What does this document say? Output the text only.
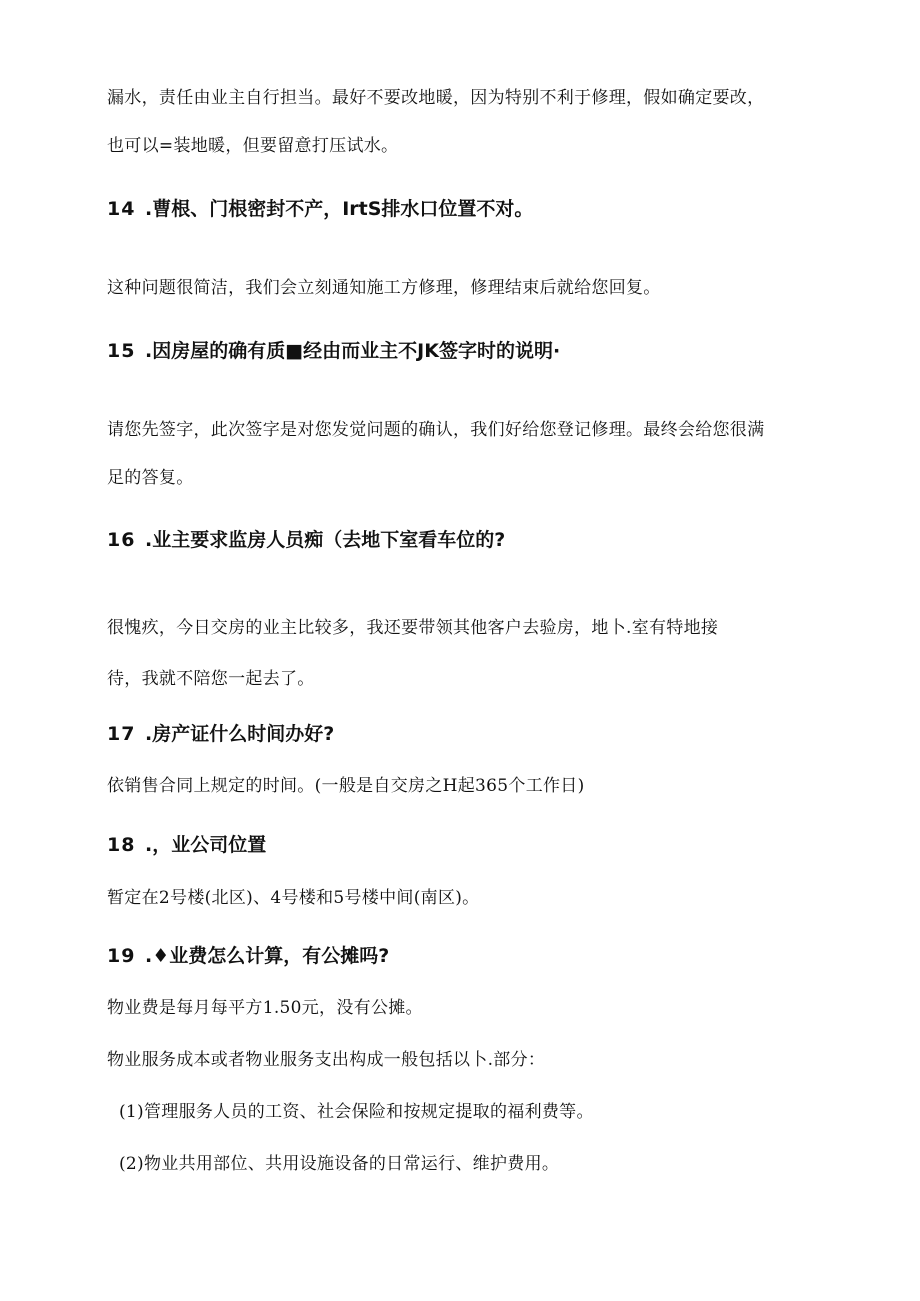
漏水，责任由业主自行担当。最好不要改地暖，因为特别不利于修理，假如确定要改，
也可以=装地暖，但要留意打压试水。
14 .曹根、门根密封不产，IrtS排水口位置不对。
这种问题很简洁，我们会立刻通知施工方修理，修理结束后就给您回复。
15 .因房屋的确有质■经由而业主不JK签字时的说明·
请您先签字，此次签字是对您发觉问题的确认，我们好给您登记修理。最终会给您很满
足的答复。
16 .业主要求监房人员痴（去地下室看车位的?
很愧疚，今日交房的业主比较多，我还要带领其他客户去验房，地卜.室有特地接
待，我就不陪您一起去了。
17 .房产证什么时间办好?
依销售合同上规定的时间。(一般是自交房之H起365个工作日)
18 .，业公司位置
暂定在2号楼(北区)、4号楼和5号楼中间(南区)。
19 .♦业费怎么计算，有公摊吗?
物业费是每月每平方1.50元，没有公摊。
物业服务成本或者物业服务支出构成一般包括以卜.部分：
(1)管理服务人员的工资、社会保险和按规定提取的福利费等。
(2)物业共用部位、共用设施设备的日常运行、维护费用。
